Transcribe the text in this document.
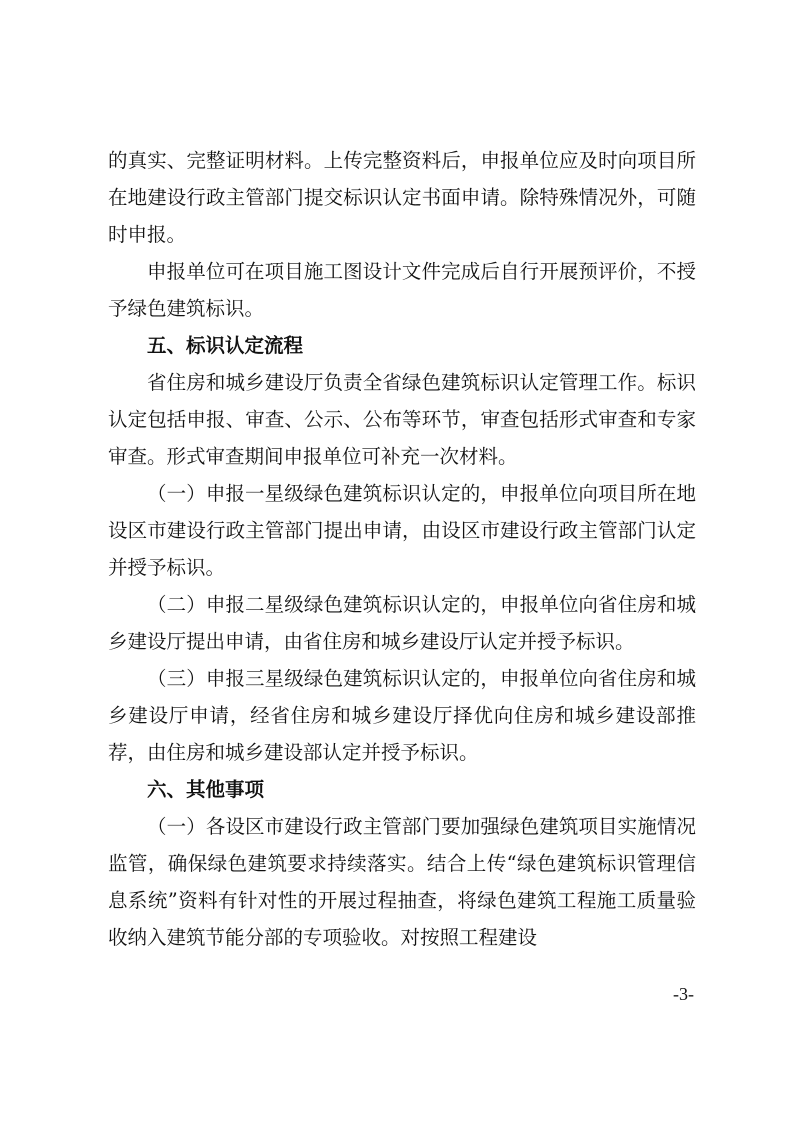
的真实、完整证明材料。上传完整资料后，申报单位应及时向项目所在地建设行政主管部门提交标识认定书面申请。除特殊情况外，可随时申报。

申报单位可在项目施工图设计文件完成后自行开展预评价，不授予绿色建筑标识。

五、标识认定流程

省住房和城乡建设厅负责全省绿色建筑标识认定管理工作。标识认定包括申报、审查、公示、公布等环节，审查包括形式审查和专家审查。形式审查期间申报单位可补充一次材料。

（一）申报一星级绿色建筑标识认定的，申报单位向项目所在地设区市建设行政主管部门提出申请，由设区市建设行政主管部门认定并授予标识。

（二）申报二星级绿色建筑标识认定的，申报单位向省住房和城乡建设厅提出申请，由省住房和城乡建设厅认定并授予标识。

（三）申报三星级绿色建筑标识认定的，申报单位向省住房和城乡建设厅申请，经省住房和城乡建设厅择优向住房和城乡建设部推荐，由住房和城乡建设部认定并授予标识。

六、其他事项

（一）各设区市建设行政主管部门要加强绿色建筑项目实施情况监管，确保绿色建筑要求持续落实。结合上传“绿色建筑标识管理信息系统”资料有针对性的开展过程抽查，将绿色建筑工程施工质量验收纳入建筑节能分部的专项验收。对按照工程建设

-3-
